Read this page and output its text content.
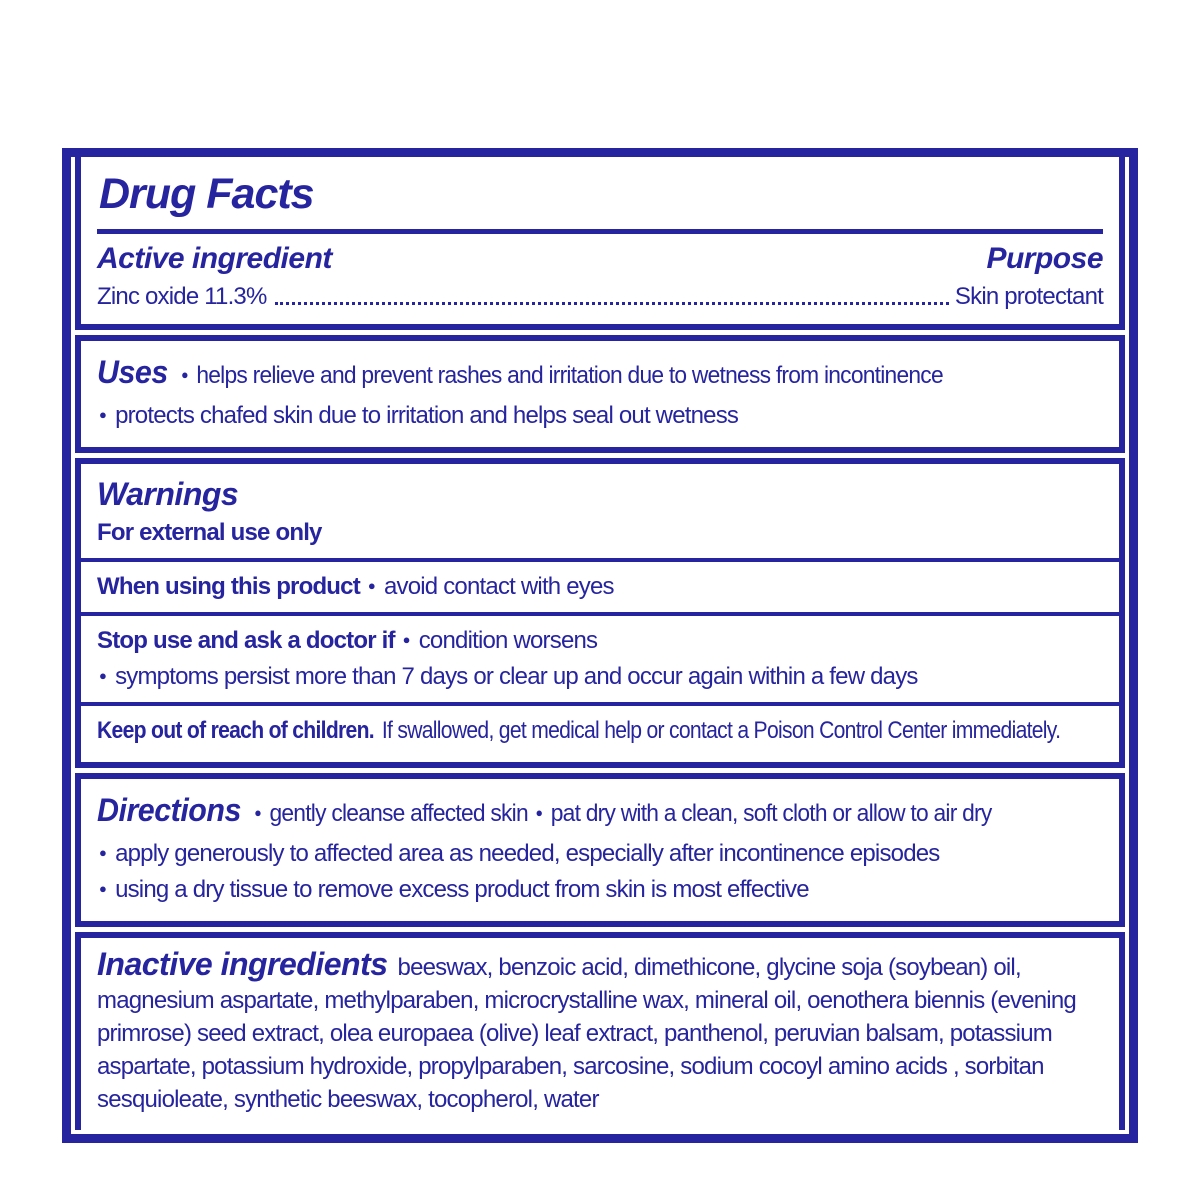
Drug Facts
Active ingredient	Purpose
Zinc oxide 11.3%	Skin protectant
Uses ● helps relieve and prevent rashes and irritation due to wetness from incontinence
●protects chafed skin due to irritation and helps seal out wetness
Warnings
For external use only
When using this product ● avoid contact with eyes
Stop use and ask a doctor if ● condition worsens
●symptoms persist more than 7 days or clear up and occur again within a few days
Keep out of reach of children. If swallowed, get medical help or contact a Poison Control Center immediately.
Directions ● gently cleanse affected skin ● pat dry with a clean, soft cloth or allow to air dry
●apply generously to affected area as needed, especially after incontinence episodes
●using a dry tissue to remove excess product from skin is most effective

Inactive ingredients beeswax, benzoic acid, dimethicone, glycine soja (soybean) oil, magnesium aspartate, methylparaben, microcrystalline wax, mineral oil, oenothera biennis (evening primrose) seed extract, olea europaea (olive) leaf extract, panthenol, peruvian balsam, potassium aspartate, potassium hydroxide, propylparaben, sarcosine, sodium cocoyl amino acids , sorbitan sesquioleate, synthetic beeswax, tocopherol, water
